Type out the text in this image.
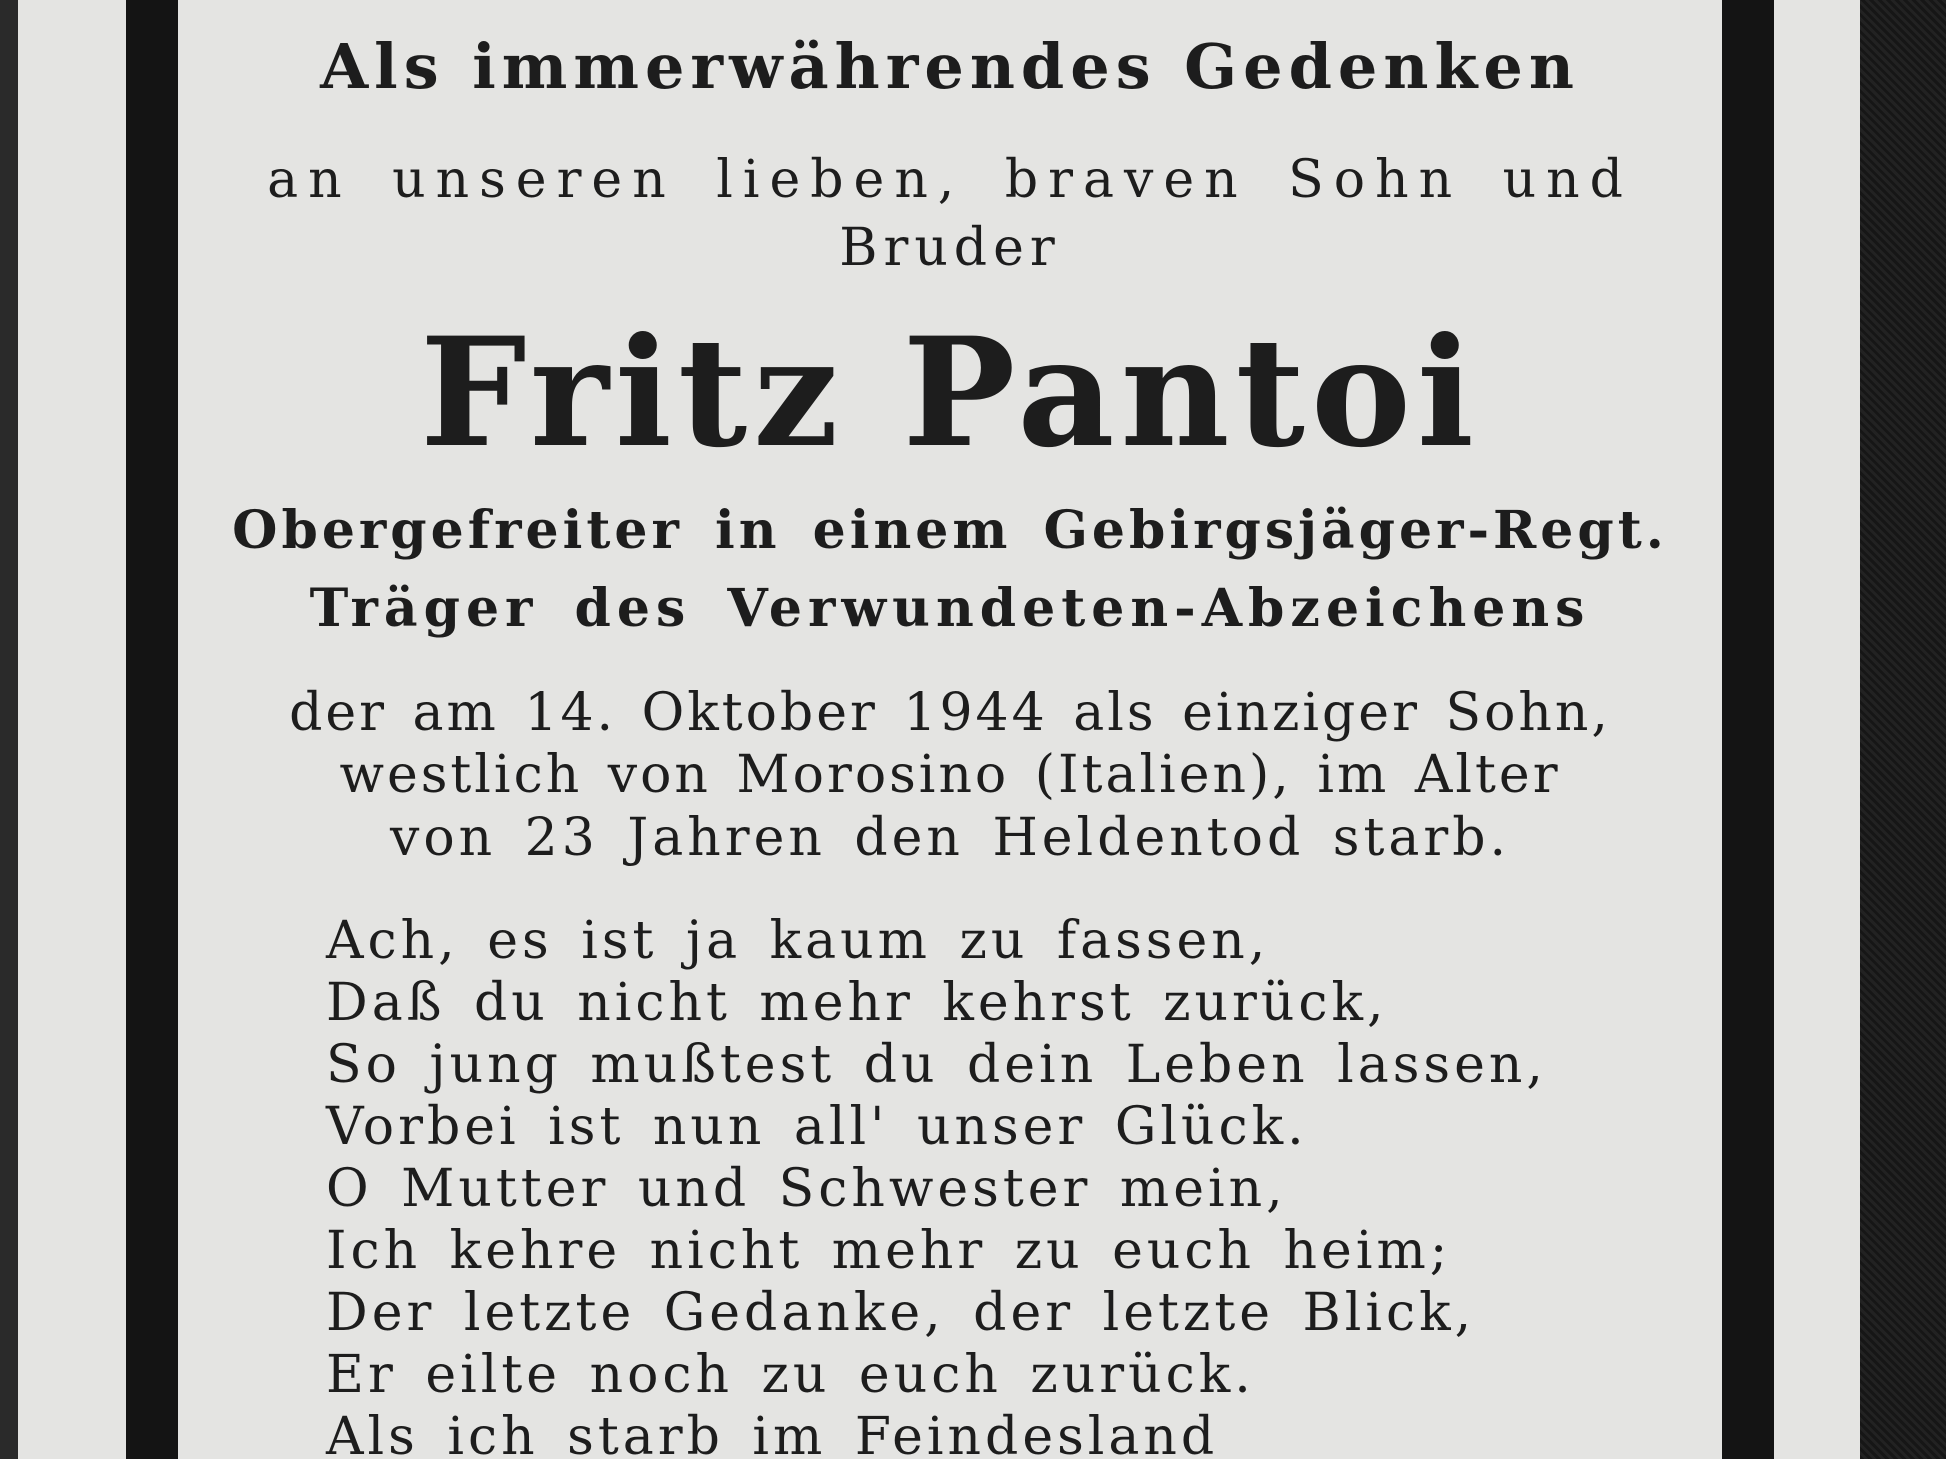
Als immerwährendes Gedenken
an unseren lieben, braven Sohn und
Bruder
Fritz Pantoi
Obergefreiter in einem Gebirgsjäger-Regt.
Träger des Verwundeten-Abzeichens
der am 14. Oktober 1944 als einziger Sohn,
westlich von Morosino (Italien), im Alter
von 23 Jahren den Heldentod starb.
Ach, es ist ja kaum zu fassen,
Daß du nicht mehr kehrst zurück,
So jung mußtest du dein Leben lassen,
Vorbei ist nun all' unser Glück.
O Mutter und Schwester mein,
Ich kehre nicht mehr zu euch heim;
Der letzte Gedanke, der letzte Blick,
Er eilte noch zu euch zurück.
Als ich starb im Feindesland
